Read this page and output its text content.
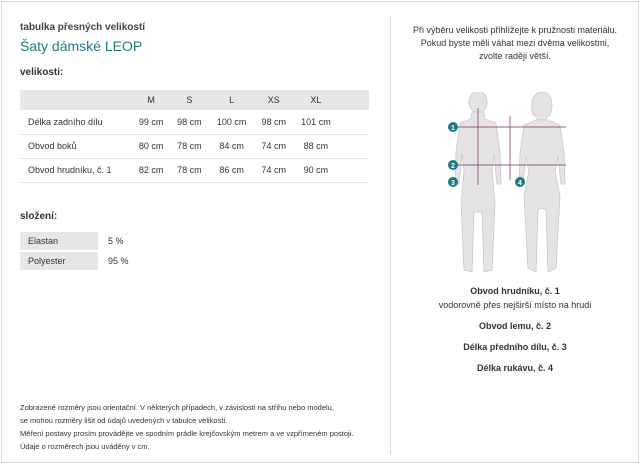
tabulka přesných velikostí
Šaty dámské LEOP
velikosti:
	M	S	L	XS	XL	
Délka zadního dílu	99 cm	98 cm	100 cm	98 cm	101 cm	
Obvod boků	80 cm	78 cm	84 cm	74 cm	88 cm	
Obvod hrudníku, č. 1	82 cm	78 cm	86 cm	74 cm	90 cm	
složení:
Elastan	5 %
Polyester	95 %
Zobrazené rozměry jsou orientační. V některých případech, v závislosti na střihu nebo modelu,
se mohou rozměry lišit od údajů uvedených v tabulce velikostí.
Měření postavy prosím provádějte ve spodním prádle krejčovským metrem a ve vzpřímeném postoji.
Údaje o rozměrech jsou uváděny v cm.
Při výběru velikosti přihlížejte k pružnosti materiálu.
Pokud byste měli váhat mezi dvěma velikostmi,
zvolte raději větší.
Obvod hrudníku, č. 1
vodorovně přes nejširší místo na hrudi
Obvod lemu, č. 2
Délka předního dílu, č. 3
Délka rukávu, č. 4
1
2
3	4
